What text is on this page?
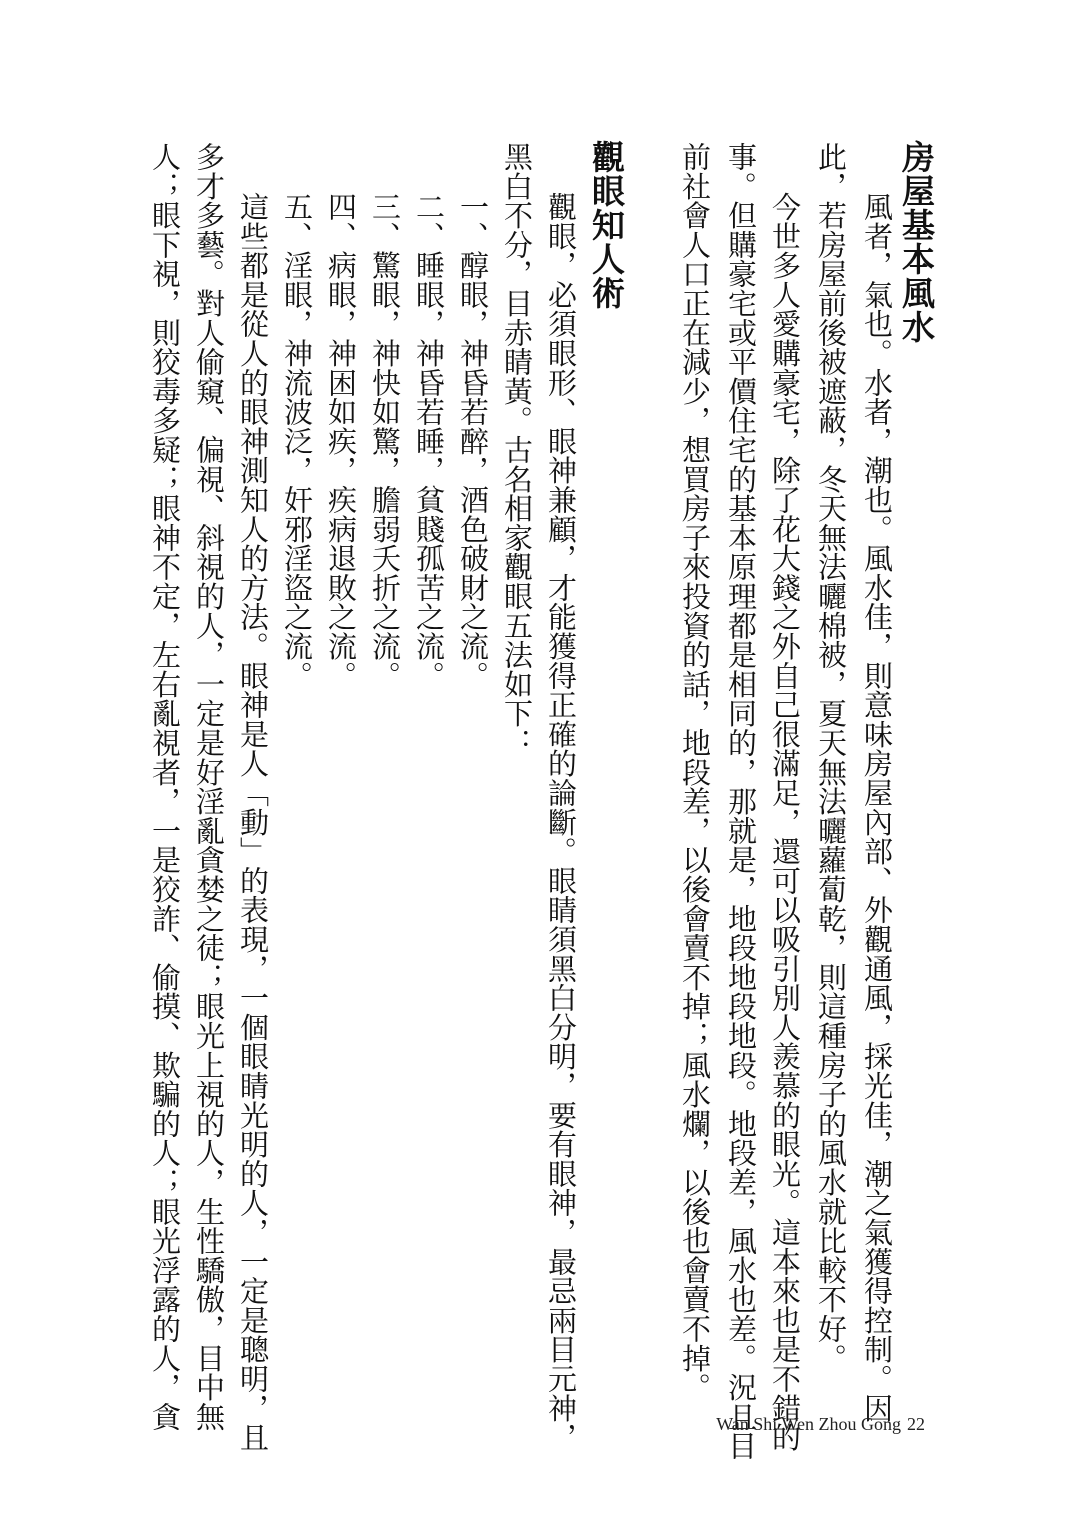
房屋基本風水
風者，氣也。水者，潮也。風水佳，則意味房屋內部、外觀通風，採光佳，潮之氣獲得控制。因
此，若房屋前後被遮蔽，冬天無法曬棉被，夏天無法曬蘿蔔乾，則這種房子的風水就比較不好。
今世多人愛購豪宅，除了花大錢之外自己很滿足，還可以吸引別人羨慕的眼光。這本來也是不錯的
事。但購豪宅或平價住宅的基本原理都是相同的，那就是，地段地段地段。地段差，風水也差。況且目
前社會人口正在減少，想買房子來投資的話，地段差，以後會賣不掉；風水爛，以後也會賣不掉。
觀眼知人術
觀眼，必須眼形、眼神兼顧，才能獲得正確的論斷。眼睛須黑白分明，要有眼神，最忌兩目元神，
黑白不分，目赤睛黃。古名相家觀眼五法如下：
一、醇眼，神昏若醉，酒色破財之流。
二、睡眼，神昏若睡，貧賤孤苦之流。
三、驚眼，神快如驚，膽弱夭折之流。
四、病眼，神困如疾，疾病退敗之流。
五、淫眼，神流波泛，奸邪淫盜之流。
這些都是從人的眼神測知人的方法。眼神是人「動」的表現，一個眼睛光明的人，一定是聰明，且
多才多藝。對人偷窺、偏視、斜視的人，一定是好淫亂貪婪之徒；眼光上視的人，生性驕傲，目中無
人；眼下視，則狡毒多疑；眼神不定，左右亂視者，一是狡詐、偷摸、欺騙的人；眼光浮露的人，貪	Wan Shi Wen Zhou Gong 22
